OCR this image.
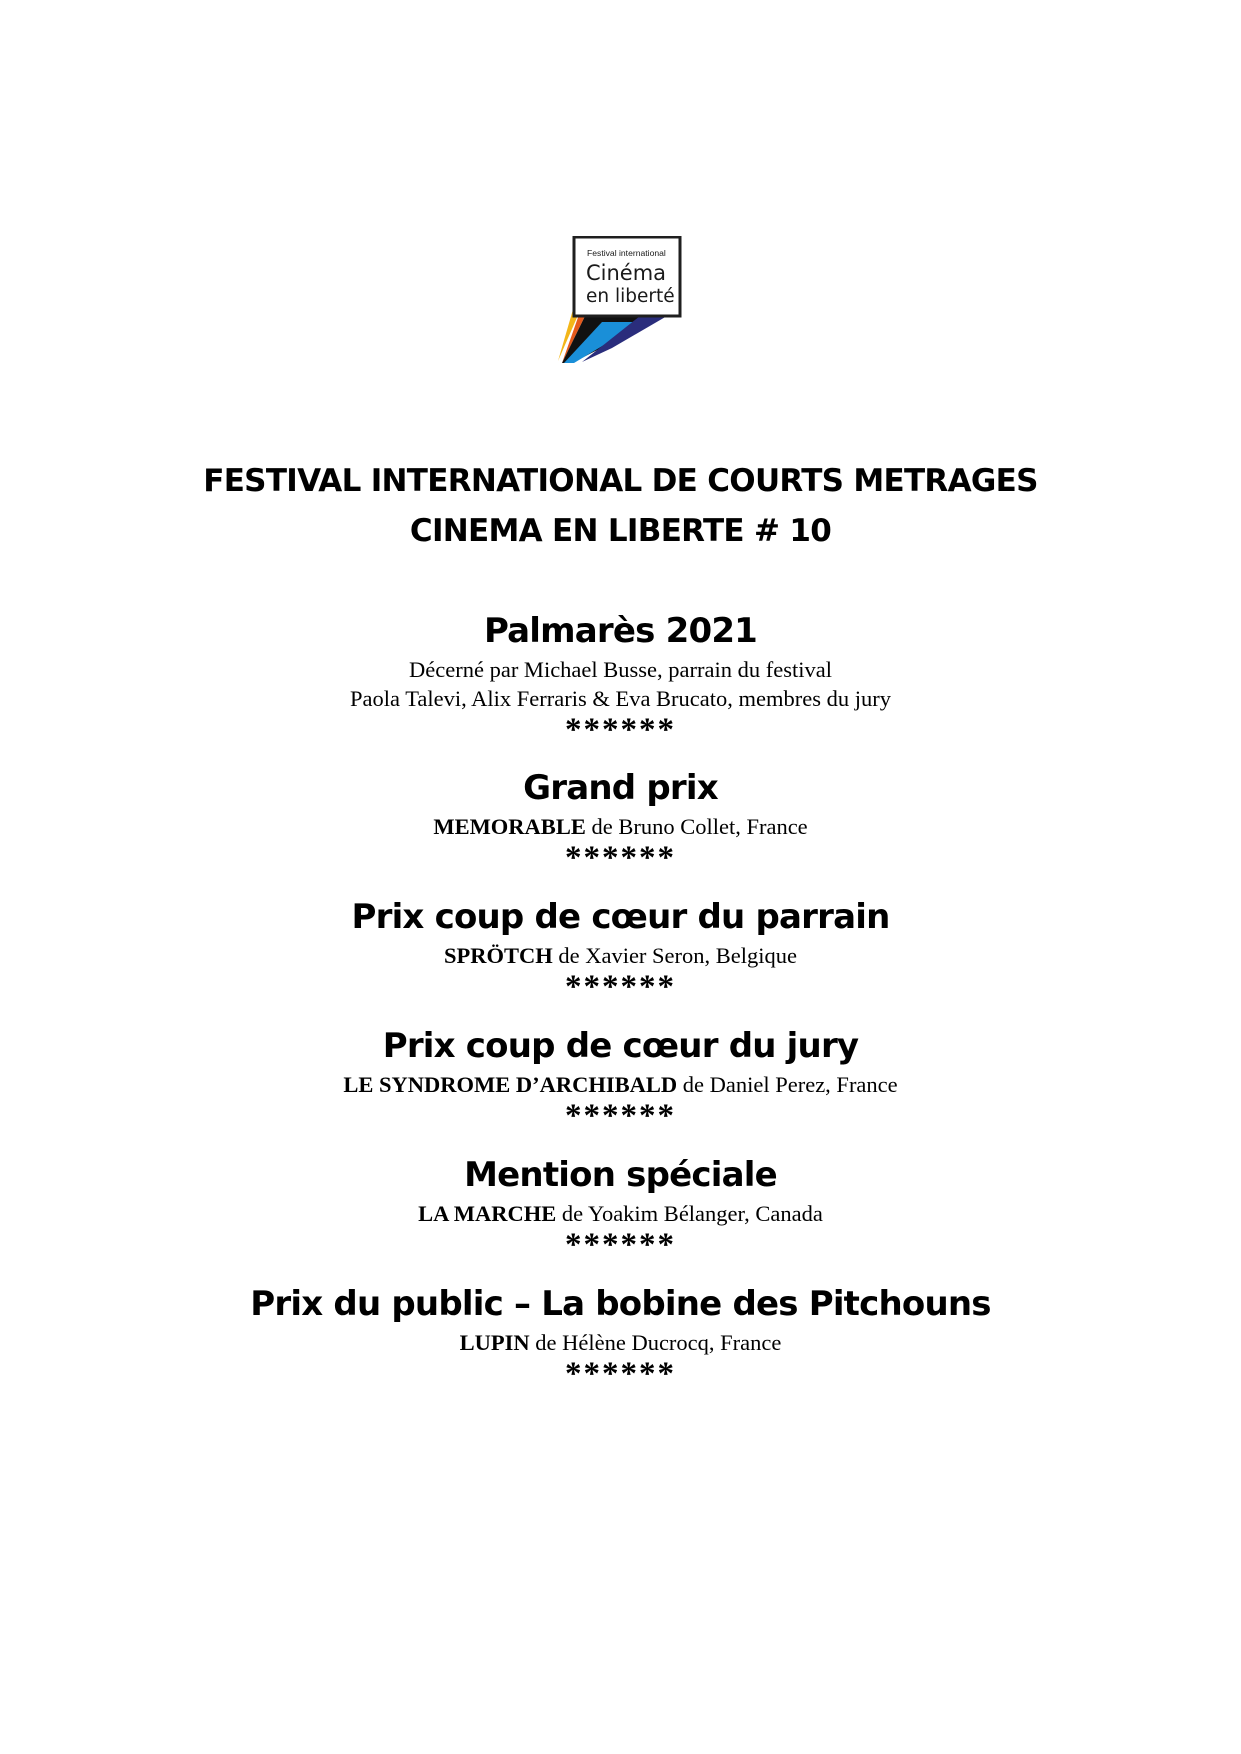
Festival international
Cinéma
en liberté
FESTIVAL INTERNATIONAL DE COURTS METRAGES
CINEMA EN LIBERTE # 10

Palmarès 2021

Décerné par Michael Busse, parrain du festival

Paola Talevi, Alix Ferraris & Eva Brucato, membres du jury

******

Grand prix

MEMORABLE de Bruno Collet, France

******

Prix coup de cœur du parrain

SPRÖTCH de Xavier Seron, Belgique

******

Prix coup de cœur du jury

LE SYNDROME D’ARCHIBALD de Daniel Perez, France

******

Mention spéciale

LA MARCHE de Yoakim Bélanger, Canada

******

Prix du public – La bobine des Pitchouns

LUPIN de Hélène Ducrocq, France

******
